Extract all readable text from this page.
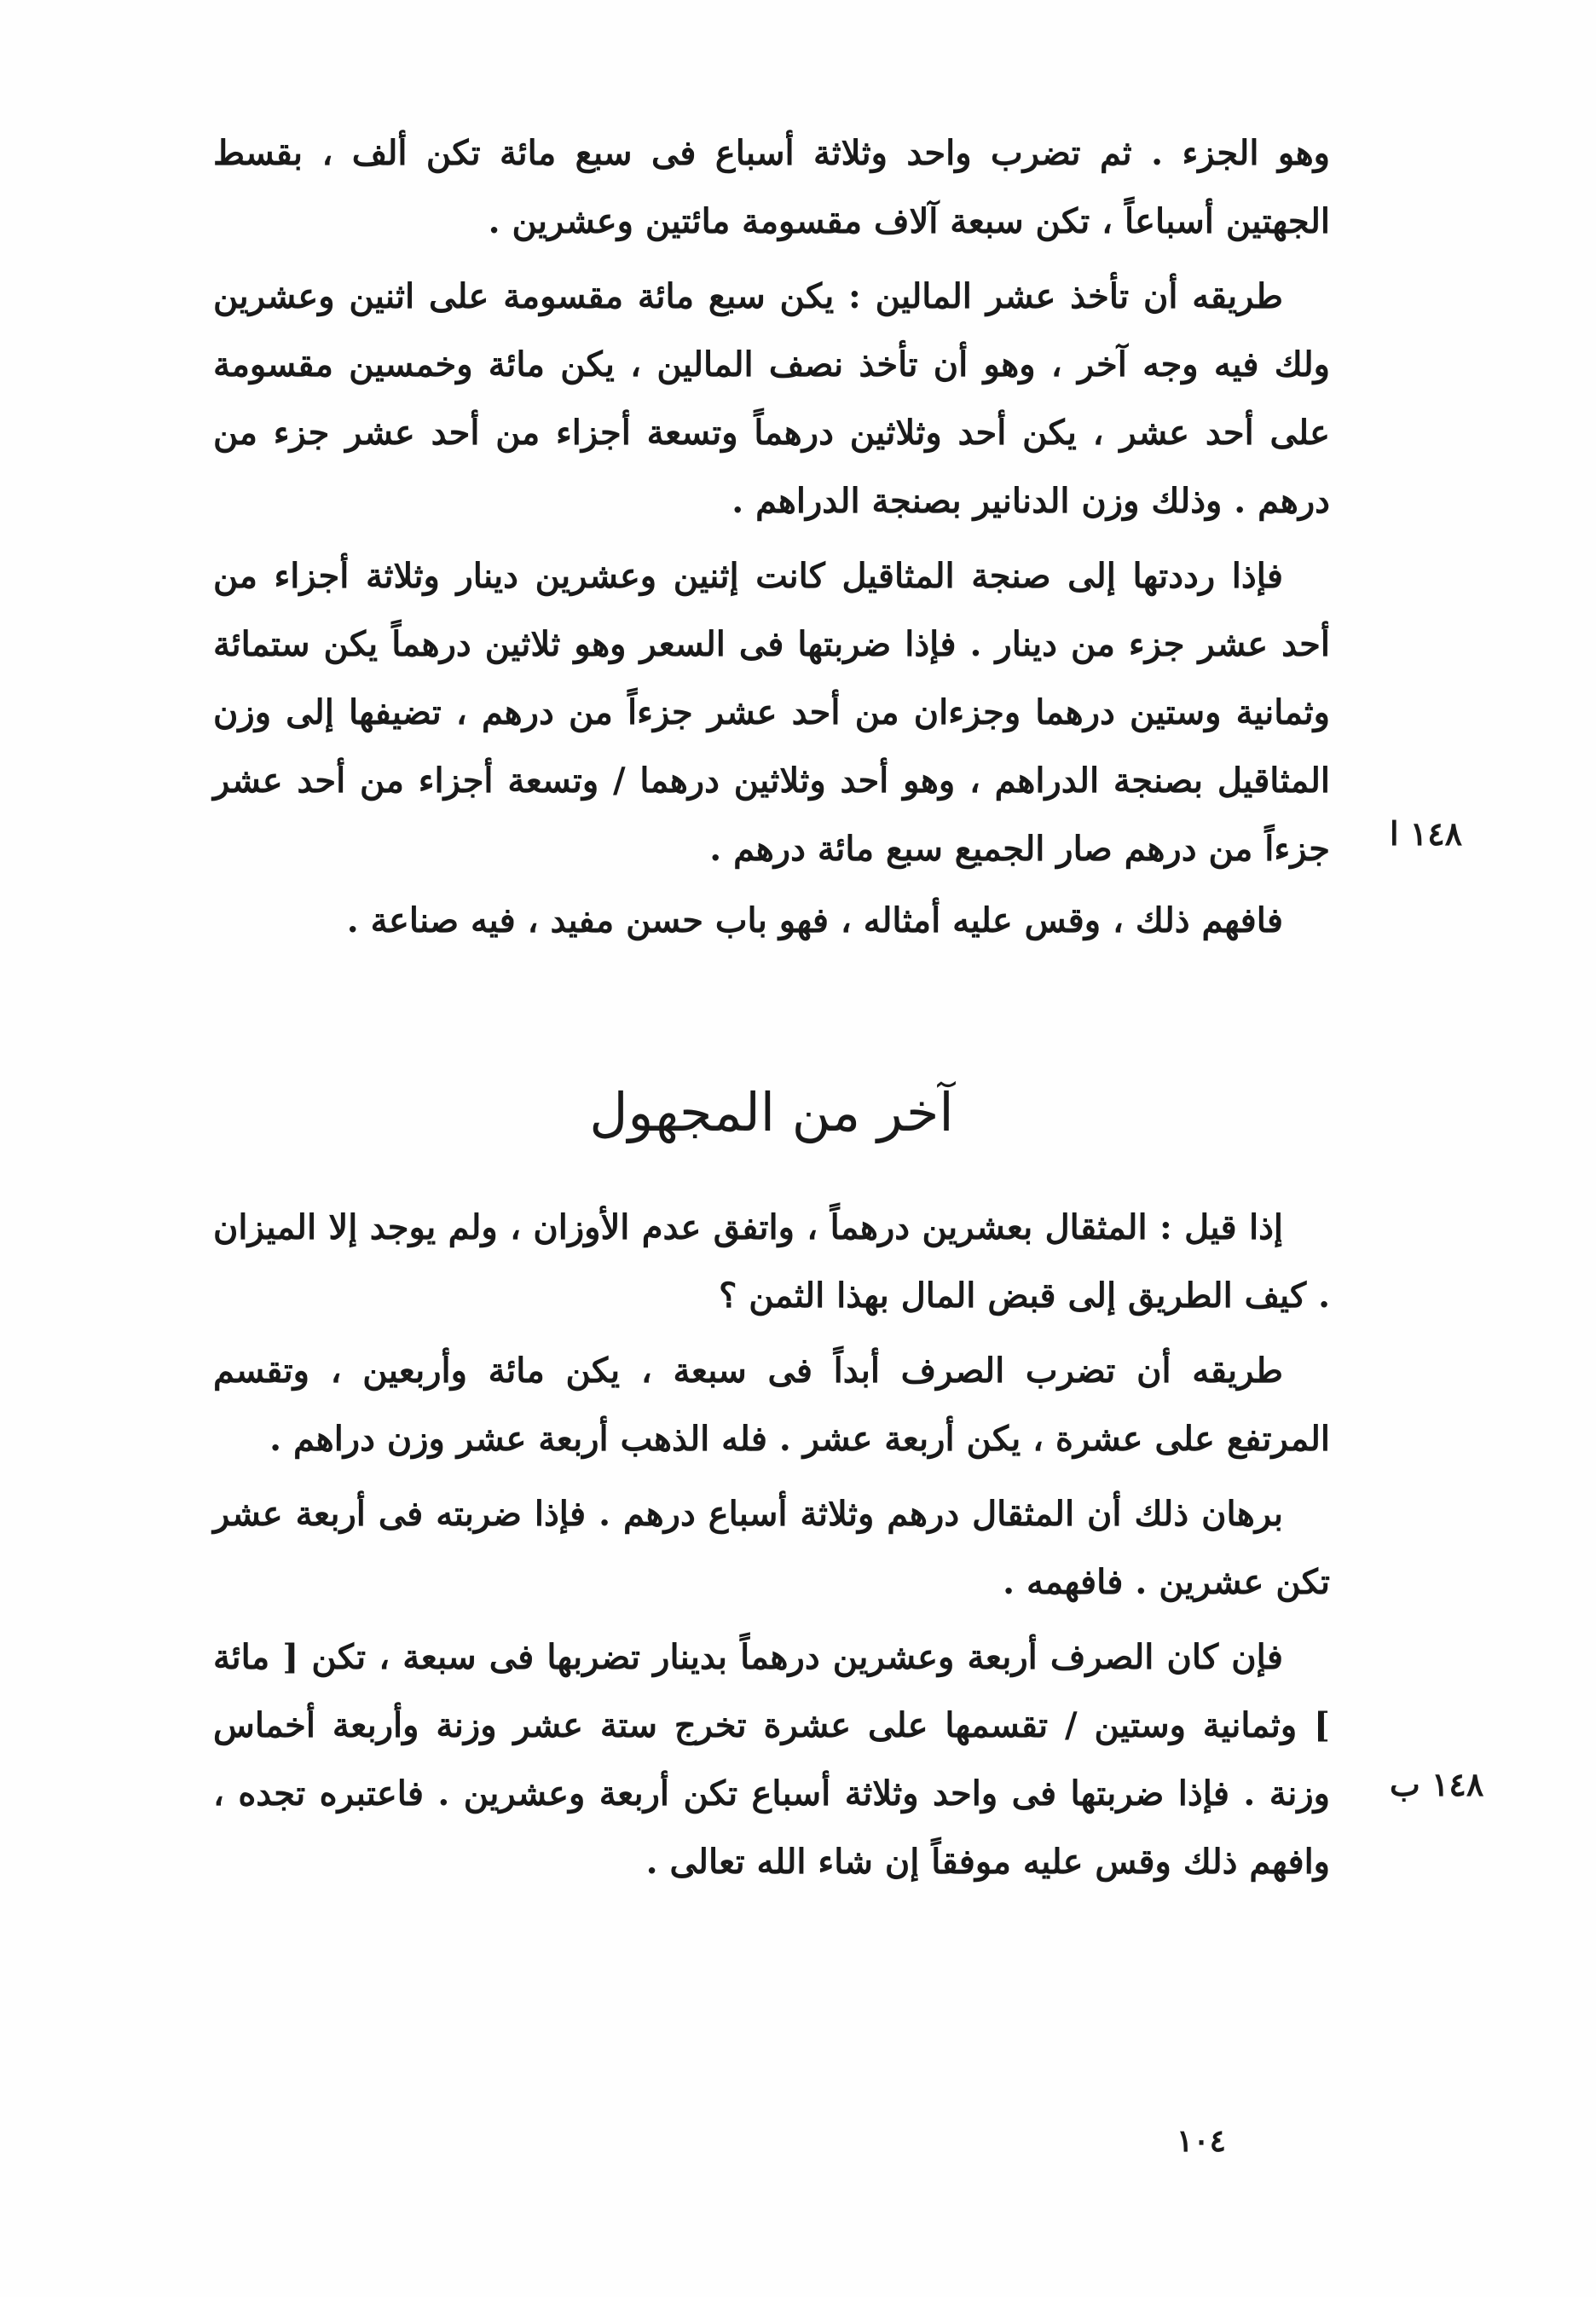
وهو الجزء . ثم تضرب واحد وثلاثة أسباع فى سبع مائة تكن ألف ، بقسط الجهتين أسباعاً ، تكن سبعة آلاف مقسومة مائتين وعشرين .

طريقه أن تأخذ عشر المالين : يكن سبع مائة مقسومة على اثنين وعشرين ولك فيه وجه آخر ، وهو أن تأخذ نصف المالين ، يكن مائة وخمسين مقسومة على أحد عشر ، يكن أحد وثلاثين درهماً وتسعة أجزاء من أحد عشر جزء من درهم . وذلك وزن الدنانير بصنجة الدراهم .

فإذا رددتها إلى صنجة المثاقيل كانت إثنين وعشرين دينار وثلاثة أجزاء من أحد عشر جزء من دينار . فإذا ضربتها فى السعر وهو ثلاثين درهماً يكن ستمائة وثمانية وستين درهما وجزءان من أحد عشر جزءاً من درهم ، تضيفها إلى وزن المثاقيل بصنجة الدراهم ، وهو أحد وثلاثين درهما / وتسعة أجزاء من أحد عشر جزءاً من درهم صار الجميع سبع مائة درهم .

فافهم ذلك ، وقس عليه أمثاله ، فهو باب حسن مفيد ، فيه صناعة .

١٤٨ ا
آخر من المجهول

إذا قيل : المثقال بعشرين درهماً ، واتفق عدم الأوزان ، ولم يوجد إلا الميزان . كيف الطريق إلى قبض المال بهذا الثمن ؟

طريقه أن تضرب الصرف أبداً فى سبعة ، يكن مائة وأربعين ، وتقسم المرتفع على عشرة ، يكن أربعة عشر . فله الذهب أربعة عشر وزن دراهم .

برهان ذلك أن المثقال درهم وثلاثة أسباع درهم . فإذا ضربته فى أربعة عشر تكن عشرين . فافهمه .

فإن كان الصرف أربعة وعشرين درهماً بدينار تضربها فى سبعة ، تكن [ مائة ] وثمانية وستين / تقسمها على عشرة تخرج ستة عشر وزنة وأربعة أخماس وزنة . فإذا ضربتها فى واحد وثلاثة أسباع تكن أربعة وعشرين . فاعتبره تجده ، وافهم ذلك وقس عليه موفقاً إن شاء الله تعالى .

١٤٨ ب
١٠٤
